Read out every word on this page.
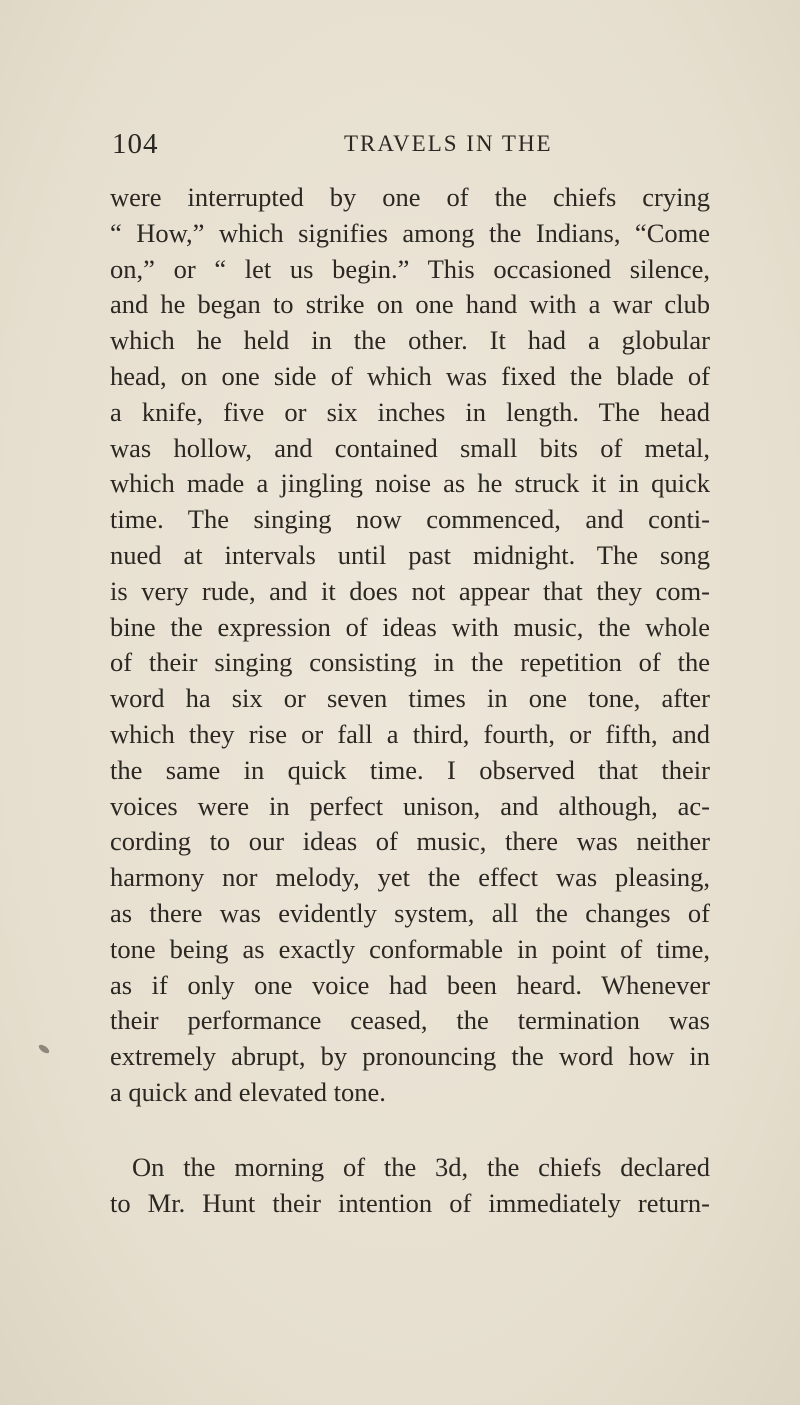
104	TRAVELS IN THE
were interrupted by one of the chiefs crying
“ How,” which signifies among the Indians, “Come
on,” or “ let us begin.” This occasioned silence,
and he began to strike on one hand with a war club
which he held in the other. It had a globular
head, on one side of which was fixed the blade of
a knife, five or six inches in length. The head
was hollow, and contained small bits of metal,
which made a jingling noise as he struck it in quick
time. The singing now commenced, and conti-
nued at intervals until past midnight. The song
is very rude, and it does not appear that they com-
bine the expression of ideas with music, the whole
of their singing consisting in the repetition of the
word ha six or seven times in one tone, after
which they rise or fall a third, fourth, or fifth, and
the same in quick time. I observed that their
voices were in perfect unison, and although, ac-
cording to our ideas of music, there was neither
harmony nor melody, yet the effect was pleasing,
as there was evidently system, all the changes of
tone being as exactly conformable in point of time,
as if only one voice had been heard. Whenever
their performance ceased, the termination was
extremely abrupt, by pronouncing the word how in
a quick and elevated tone.
On the morning of the 3d, the chiefs declared
to Mr. Hunt their intention of immediately return-
